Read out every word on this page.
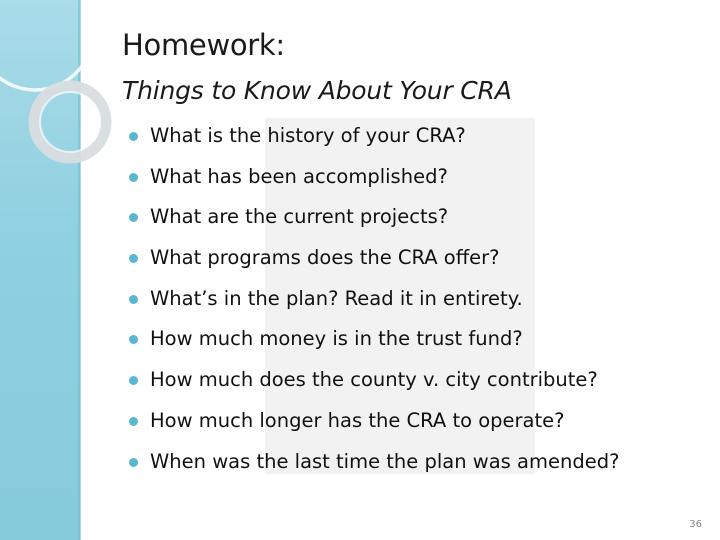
Homework:
Things to Know About Your CRA
What is the history of your CRA?
What has been accomplished?
What are the current projects?
What programs does the CRA offer?
What’s in the plan? Read it in entirety.
How much money is in the trust fund?
How much does the county v. city contribute?
How much longer has the CRA to operate?
When was the last time the plan was amended?
36
